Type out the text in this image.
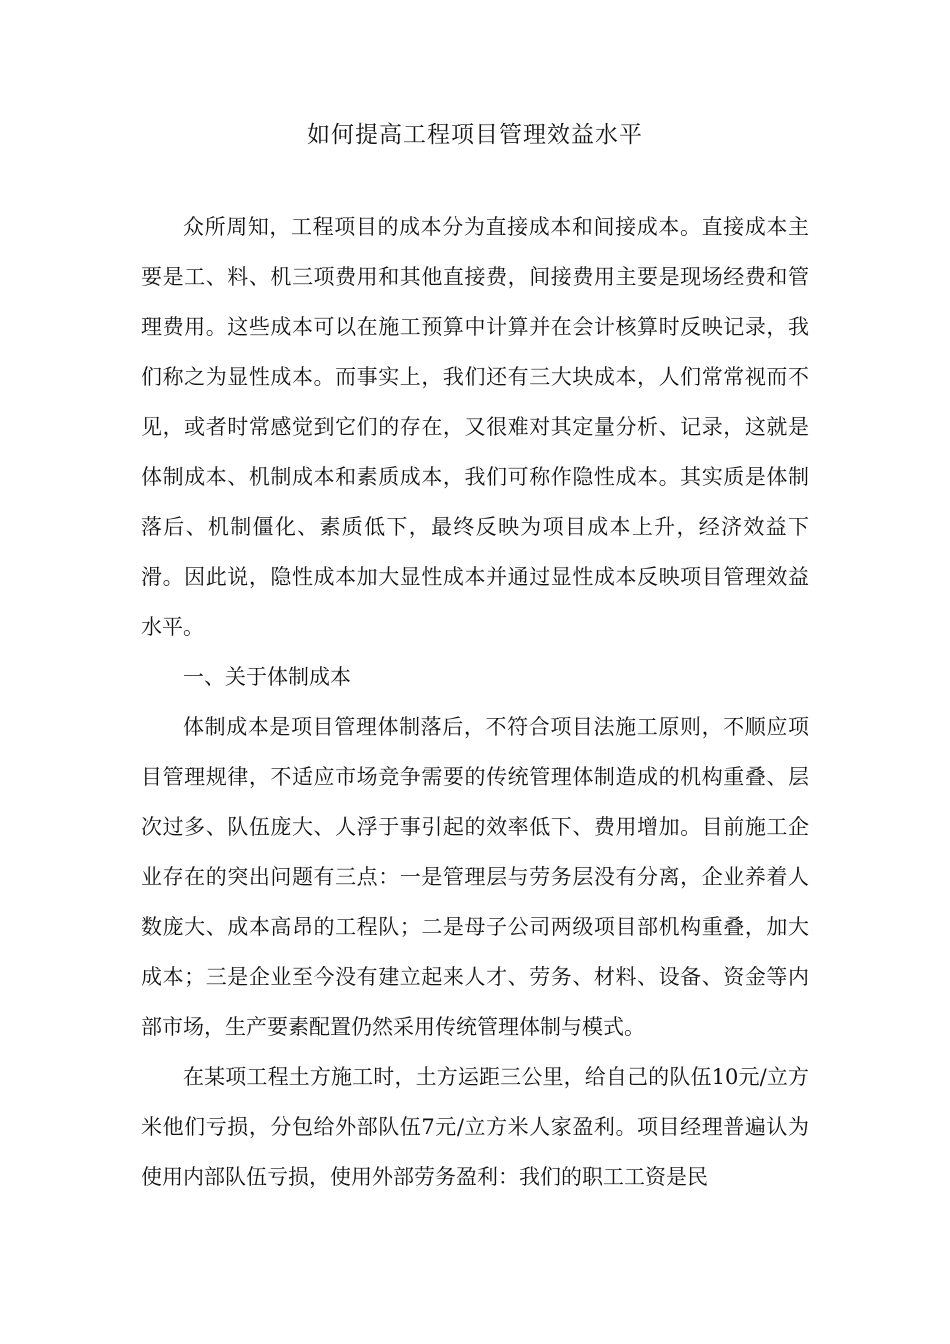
如何提高工程项目管理效益水平

众所周知，工程项目的成本分为直接成本和间接成本。直接成本主要是工、料、机三项费用和其他直接费，间接费用主要是现场经费和管理费用。这些成本可以在施工预算中计算并在会计核算时反映记录，我们称之为显性成本。而事实上，我们还有三大块成本，人们常常视而不见，或者时常感觉到它们的存在，又很难对其定量分析、记录，这就是体制成本、机制成本和素质成本，我们可称作隐性成本。其实质是体制落后、机制僵化、素质低下，最终反映为项目成本上升，经济效益下滑。因此说，隐性成本加大显性成本并通过显性成本反映项目管理效益水平。

一、关于体制成本

体制成本是项目管理体制落后，不符合项目法施工原则，不顺应项目管理规律，不适应市场竞争需要的传统管理体制造成的机构重叠、层次过多、队伍庞大、人浮于事引起的效率低下、费用增加。目前施工企业存在的突出问题有三点：一是管理层与劳务层没有分离，企业养着人数庞大、成本高昂的工程队；二是母子公司两级项目部机构重叠，加大成本；三是企业至今没有建立起来人才、劳务、材料、设备、资金等内部市场，生产要素配置仍然采用传统管理体制与模式。

在某项工程土方施工时，土方运距三公里，给自己的队伍10元/立方米他们亏损，分包给外部队伍7元/立方米人家盈利。项目经理普遍认为使用内部队伍亏损，使用外部劳务盈利：我们的职工工资是民
